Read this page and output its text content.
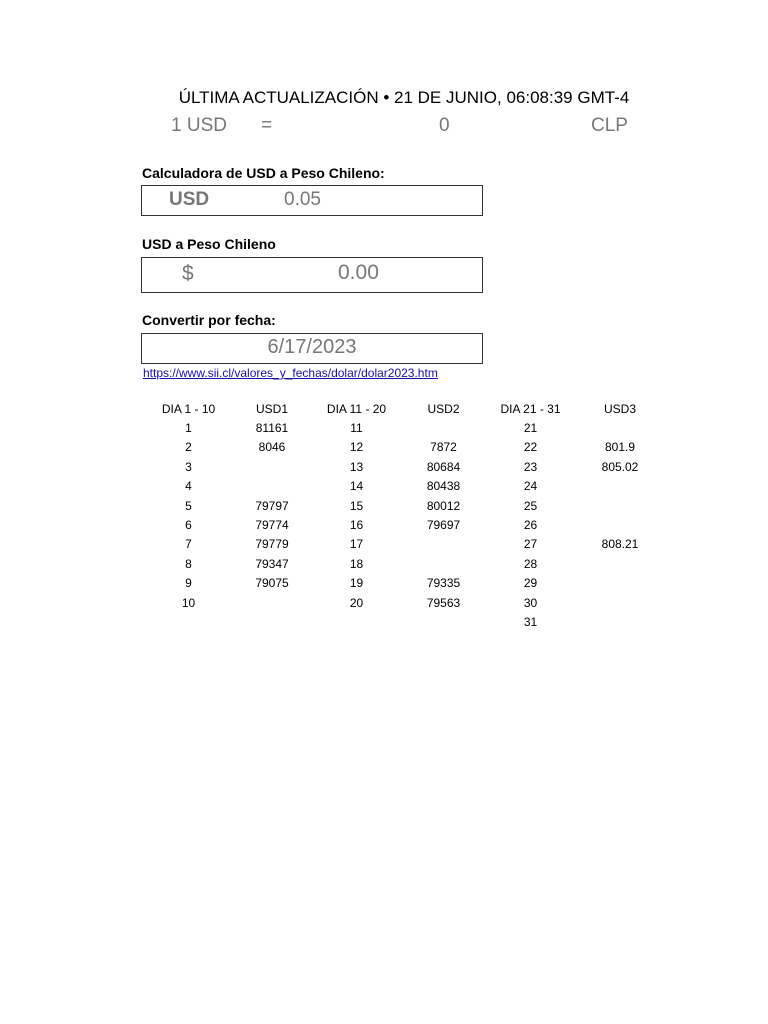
ÚLTIMA ACTUALIZACIÓN • 21 DE JUNIO, 06:08:39 GMT-4
1 USD =	0	CLP
Calculadora de USD a Peso Chileno:
USD	0.05
USD a Peso Chileno
$	0.00
Convertir por fecha:
6/17/2023
https://www.sii.cl/valores_y_fechas/dolar/dolar2023.htm
DIA 1 - 10	USD1	DIA 11 - 20	USD2	DIA 21 - 31	USD3
1	81161	11		21	
2	8046	12	7872	22	801.9
3		13	80684	23	805.02
4		14	80438	24	
5	79797	15	80012	25	
6	79774	16	79697	26	
7	79779	17		27	808.21
8	79347	18		28	
9	79075	19	79335	29	
10		20	79563	30	
				31	
